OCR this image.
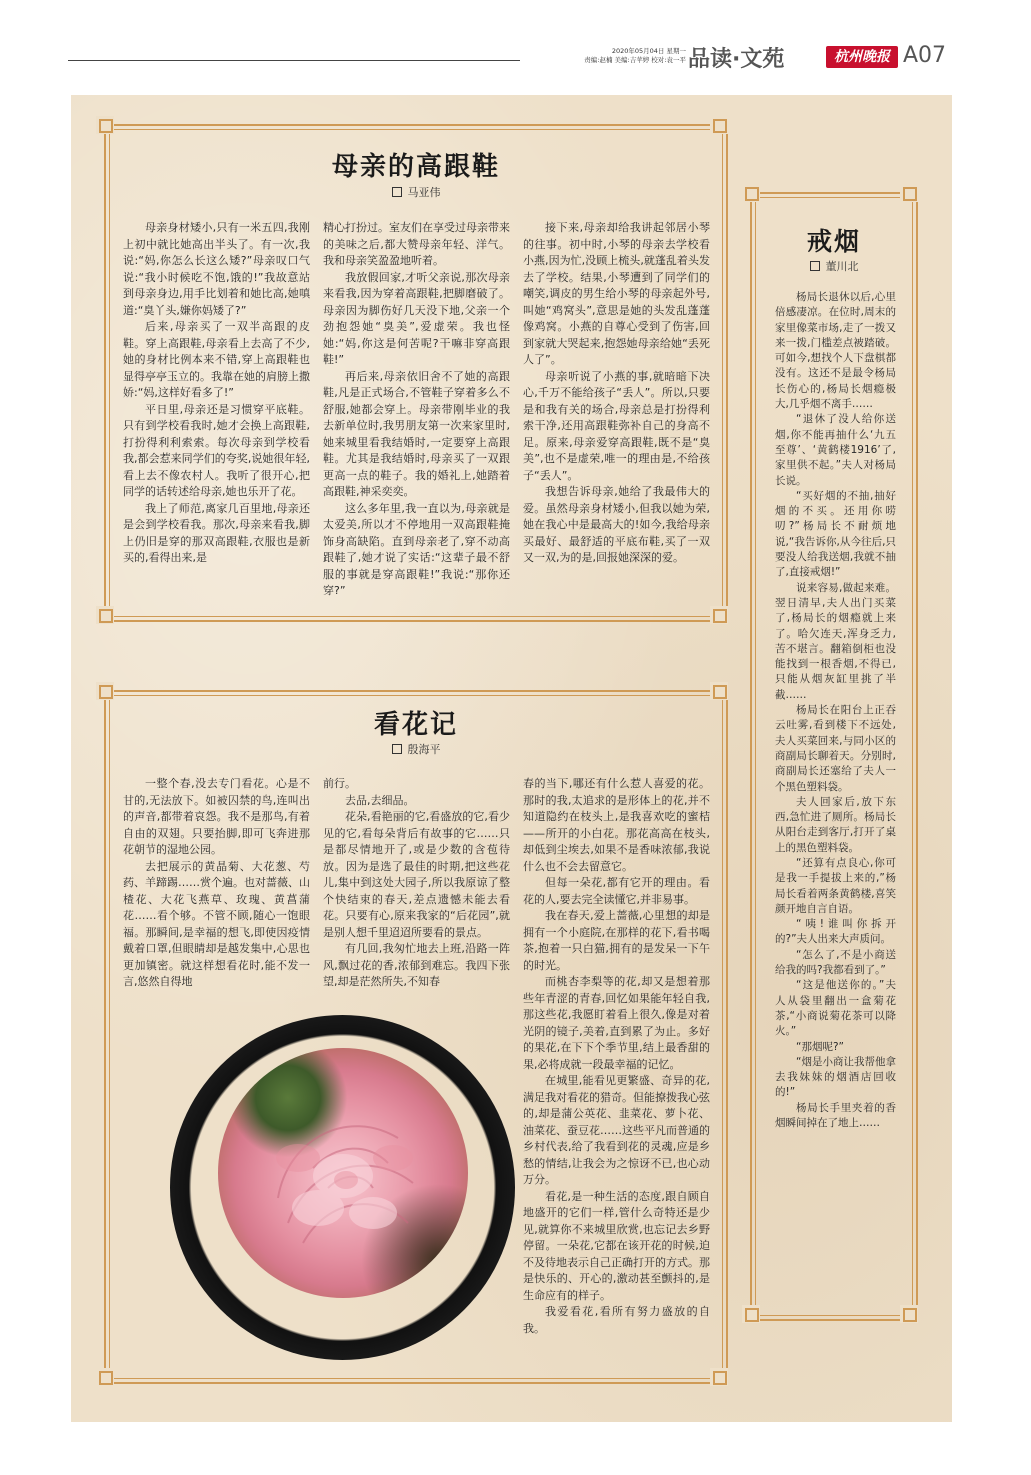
2020年05月04日 星期一
责编:赵楠 美编:吉苹婷 校对:袁一平 品读·文苑	杭州晚报 A07
母亲的高跟鞋
马亚伟

母亲身材矮小,只有一米五四,我刚上初中就比她高出半头了。有一次,我说:“妈,你怎么长这么矮?”母亲叹口气说:“我小时候吃不饱,饿的!”我故意站到母亲身边,用手比划着和她比高,她嗔道:“臭丫头,嫌你妈矮了?”

后来,母亲买了一双半高跟的皮鞋。穿上高跟鞋,母亲看上去高了不少,她的身材比例本来不错,穿上高跟鞋也显得亭亭玉立的。我靠在她的肩膀上撒娇:“妈,这样好看多了!”

平日里,母亲还是习惯穿平底鞋。只有到学校看我时,她才会换上高跟鞋,打扮得利利索索。每次母亲到学校看我,都会惹来同学们的夸奖,说她很年轻,看上去不像农村人。我听了很开心,把同学的话转述给母亲,她也乐开了花。

我上了师范,离家几百里地,母亲还是会到学校看我。那次,母亲来看我,脚上仍旧是穿的那双高跟鞋,衣服也是新买的,看得出来,是

精心打扮过。室友们在享受过母亲带来的美味之后,都大赞母亲年轻、洋气。我和母亲笑盈盈地听着。

我放假回家,才听父亲说,那次母亲来看我,因为穿着高跟鞋,把脚磨破了。母亲因为脚伤好几天没下地,父亲一个劲抱怨她“臭美”,爱虚荣。我也怪她:“妈,你这是何苦呢?干嘛非穿高跟鞋!”

再后来,母亲依旧舍不了她的高跟鞋,凡是正式场合,不管鞋子穿着多么不舒服,她都会穿上。母亲带刚毕业的我去新单位时,我男朋友第一次来家里时,她来城里看我结婚时,一定要穿上高跟鞋。尤其是我结婚时,母亲买了一双跟更高一点的鞋子。我的婚礼上,她踏着高跟鞋,神采奕奕。

这么多年里,我一直以为,母亲就是太爱美,所以才不停地用一双高跟鞋掩饰身高缺陷。直到母亲老了,穿不动高跟鞋了,她才说了实话:“这辈子最不舒服的事就是穿高跟鞋!”我说:“那你还穿?”

接下来,母亲却给我讲起邻居小琴的往事。初中时,小琴的母亲去学校看小燕,因为忙,没顾上梳头,就蓬乱着头发去了学校。结果,小琴遭到了同学们的嘲笑,调皮的男生给小琴的母亲起外号,叫她“鸡窝头”,意思是她的头发乱蓬蓬像鸡窝。小燕的自尊心受到了伤害,回到家就大哭起来,抱怨她母亲给她“丢死人了”。

母亲听说了小燕的事,就暗暗下决心,千万不能给孩子“丢人”。所以,只要是和我有关的场合,母亲总是打扮得利索干净,还用高跟鞋弥补自己的身高不足。原来,母亲爱穿高跟鞋,既不是“臭美”,也不是虚荣,唯一的理由是,不给孩子“丢人”。

我想告诉母亲,她给了我最伟大的爱。虽然母亲身材矮小,但我以她为荣,她在我心中是最高大的!如今,我给母亲买最好、最舒适的平底布鞋,买了一双又一双,为的是,回报她深深的爱。

看花记
殷海平

一整个春,没去专门看花。心是不甘的,无法放下。如被囚禁的鸟,连叫出的声音,都带着哀怨。我不是那鸟,有着自由的双翅。只要抬脚,即可飞奔进那花朝节的湿地公园。

去把展示的黄晶菊、大花葱、芍药、羊蹄踢……赏个遍。也对蔷薇、山楂花、大花飞燕草、玫瑰、黄菖蒲花……看个够。不管不顾,随心一饱眼福。那瞬间,是幸福的想飞,即使因疫情戴着口罩,但眼睛却是越发集中,心思也更加镇密。就这样想看花时,能不发一言,悠然自得地

前行。

去品,去细品。

花朵,看艳丽的它,看盛放的它,看少见的它,看每朵背后有故事的它……只是都尽情地开了,或是少数的含苞待放。因为是选了最佳的时期,把这些花儿,集中到这处大园子,所以我原谅了整个快结束的春天,差点遗憾未能去看花。只要有心,原来我家的“后花园”,就是别人想千里迢迢所要看的景点。

有几回,我匆忙地去上班,沿路一阵风,飘过花的香,浓郁到难忘。我四下张望,却是茫然所失,不知春

春的当下,哪还有什么惹人喜爱的花。那时的我,太追求的是形体上的花,并不知道隐约在枝头上,是我喜欢吃的蜜桔——所开的小白花。那花高高在枝头,却低到尘埃去,如果不是香味浓郁,我说什么也不会去留意它。

但每一朵花,都有它开的理由。看花的人,要去完全读懂它,并非易事。

我在春天,爱上蔷薇,心里想的却是拥有一个小庭院,在那样的花下,看书喝茶,抱着一只白猫,拥有的是发呆一下午的时光。

而桃杏李梨等的花,却又是想着那些年青涩的青春,回忆如果能年轻自我,那这些花,我愿盯着看上很久,像是对着光阴的镜子,美着,直到累了为止。多好的果花,在下下个季节里,结上最香甜的果,必将成就一段最幸福的记忆。

在城里,能看见更繁盛、奇异的花,满足我对看花的猎奇。但能撩拨我心弦的,却是蒲公英花、韭菜花、萝卜花、油菜花、蚕豆花……这些平凡而普通的乡村代表,给了我看到花的灵魂,应是乡愁的情结,让我会为之惊讶不已,也心动万分。

看花,是一种生活的态度,跟自顾自地盛开的它们一样,管什么奇特还是少见,就算你不来城里欣赏,也忘记去乡野停留。一朵花,它都在该开花的时候,迫不及待地表示自己正确打开的方式。那是快乐的、开心的,激动甚至颤抖的,是生命应有的样子。

我爱看花,看所有努力盛放的自我。

戒烟
董川北

杨局长退休以后,心里倍感凄凉。在位时,周末的家里像菜市场,走了一拨又来一拨,门槛差点被踏破。可如今,想找个人下盘棋都没有。这还不是最令杨局长伤心的,杨局长烟瘾极大,几乎烟不离手……

“退休了没人给你送烟,你不能再抽什么‘九五至尊’、‘黄鹤楼1916’了,家里供不起。”夫人对杨局长说。

“买好烟的不抽,抽好烟的不买。还用你唠叨?”杨局长不耐烦地说,“我告诉你,从今往后,只要没人给我送烟,我就不抽了,直接戒烟!”

说来容易,做起来难。翌日清早,夫人出门买菜了,杨局长的烟瘾就上来了。哈欠连天,浑身乏力,苦不堪言。翻箱倒柜也没能找到一根香烟,不得已,只能从烟灰缸里挑了半截……

杨局长在阳台上正吞云吐雾,看到楼下不远处,夫人买菜回来,与同小区的商副局长聊着天。分别时,商副局长还塞给了夫人一个黑色塑料袋。

夫人回家后,放下东西,急忙进了厕所。杨局长从阳台走到客厅,打开了桌上的黑色塑料袋。

“还算有点良心,你可是我一手提拔上来的,”杨局长看着两条黄鹤楼,喜笑颜开地自言自语。

“咦!谁叫你拆开的?”夫人出来大声质问。

“怎么了,不是小商送给我的吗?我都看到了。”

“这是他送你的。”夫人从袋里翻出一盒菊花茶,“小商说菊花茶可以降火。”

“那烟呢?”

“烟是小商让我帮他拿去我妹妹的烟酒店回收的!”

杨局长手里夹着的香烟瞬间掉在了地上……
